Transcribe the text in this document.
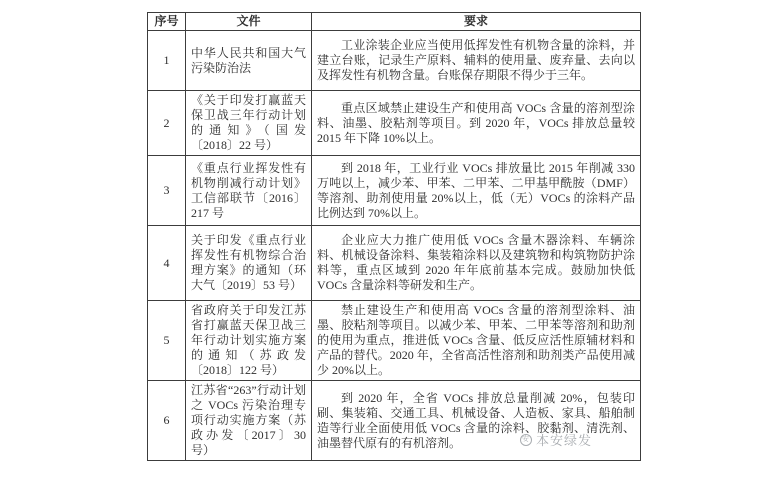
序号	文件	要求
1	中华人民共和国大气污染防治法	工业涂装企业应当使用低挥发性有机物含量的涂料，并建立台账，记录生产原料、辅料的使用量、废弃量、去向以及挥发性有机物含量。台账保存期限不得少于三年。
2	《关于印发打赢蓝天保卫战三年行动计划的通知》（国发〔2018〕22 号）	重点区域禁止建设生产和使用高 VOCs 含量的溶剂型涂料、油墨、胶粘剂等项目。到 2020 年，VOCs 排放总量较 2015 年下降 10%以上。
3	《重点行业挥发性有机物削减行动计划》工信部联节〔2016〕217 号	到 2018 年，工业行业 VOCs 排放量比 2015 年削减 330 万吨以上，减少苯、甲苯、二甲苯、二甲基甲酰胺（DMF）等溶剂、助剂使用量 20%以上，低（无）VOCs 的涂料产品比例达到 70%以上。
4	关于印发《重点行业挥发性有机物综合治理方案》的通知（环大气〔2019〕53 号）	企业应大力推广使用低 VOCs 含量木器涂料、车辆涂料、机械设备涂料、集装箱涂料以及建筑物和构筑物防护涂料等，重点区域到 2020 年年底前基本完成。鼓励加快低 VOCs 含量涂料等研发和生产。
5	省政府关于印发江苏省打赢蓝天保卫战三年行动计划实施方案的通知（苏政发〔2018〕122 号）	禁止建设生产和使用高 VOCs 含量的溶剂型涂料、油墨、胶粘剂等项目。以减少苯、甲苯、二甲苯等溶剂和助剂的使用为重点，推进低 VOCs 含量、低反应活性原辅材料和产品的替代。2020 年，全省高活性溶剂和助剂类产品使用减少 20%以上。
6	江苏省“263”行动计划之 VOCs 污染治理专项行动实施方案（苏政办发〔2017〕30 号）	到 2020 年，全省 VOCs 排放总量削减 20%，包装印刷、集装箱、交通工具、机械设备、人造板、家具、船舶制造等行业全面使用低 VOCs 含量的涂料、胶黏剂、清洗剂、油墨替代原有的有机溶剂。	安 本安绿发
